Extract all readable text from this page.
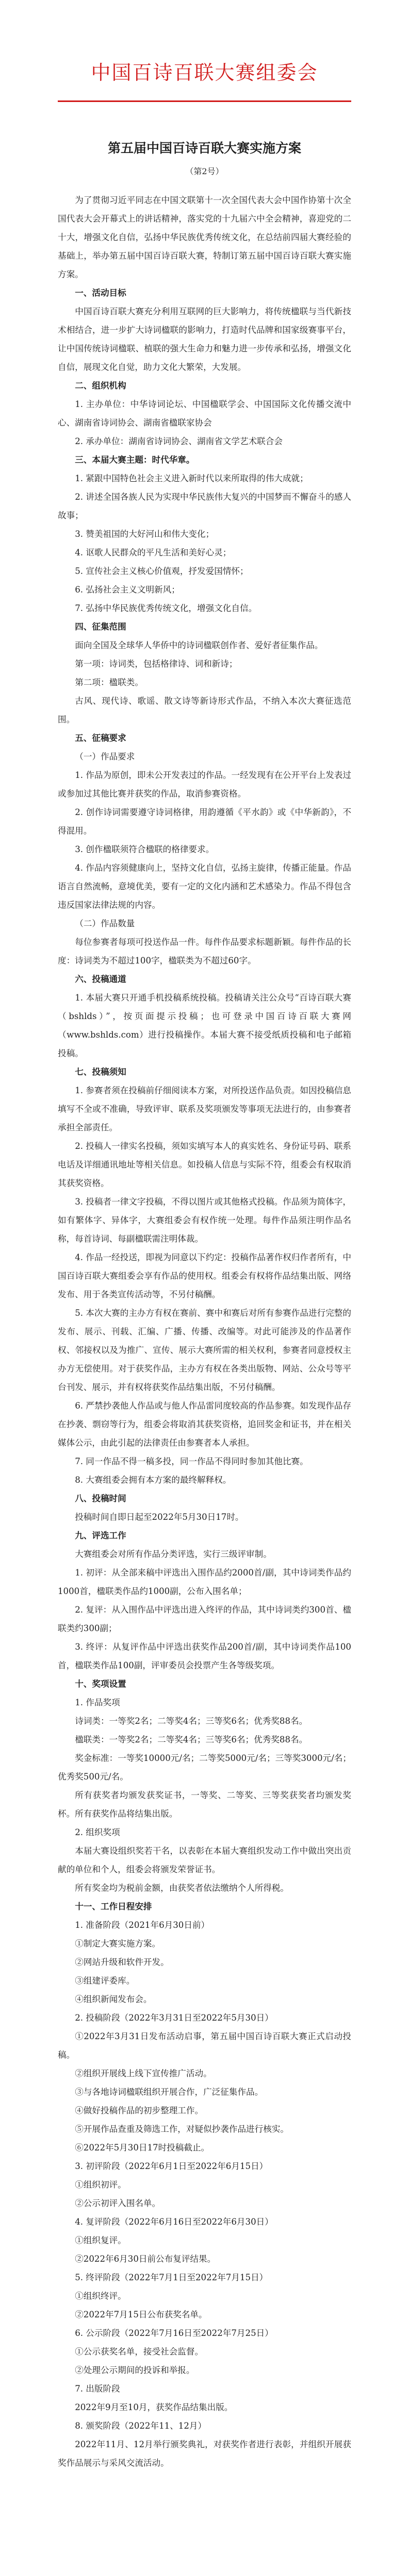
中国百诗百联大赛组委会
第五届中国百诗百联大赛实施方案
（第2号）

为了贯彻习近平同志在中国文联第十一次全国代表大会中国作协第十次全国代表大会开幕式上的讲话精神，落实党的十九届六中全会精神，喜迎党的二十大，增强文化自信，弘扬中华民族优秀传统文化，在总结前四届大赛经验的基础上，举办第五届中国百诗百联大赛，特制订第五届中国百诗百联大赛实施方案。

一、活动目标

中国百诗百联大赛充分利用互联网的巨大影响力，将传统楹联与当代新技术相结合，进一步扩大诗词楹联的影响力，打造时代品牌和国家级赛事平台，让中国传统诗词楹联、植联的强大生命力和魅力进一步传承和弘扬，增强文化自信，展现文化自觉，助力文化大繁荣，大发展。

二、组织机构

1. 主办单位：中华诗词论坛、中国楹联学会、中国国际文化传播交流中心、湖南省诗词协会、湖南省楹联家协会

2. 承办单位：湖南省诗词协会、湖南省文学艺术联合会

三、本届大赛主题：时代华章。

1. 紧跟中国特色社会主义进入新时代以来所取得的伟大成就；

2. 讲述全国各族人民为实现中华民族伟大复兴的中国梦而不懈奋斗的感人故事；

3. 赞美祖国的大好河山和伟大变化；

4. 讴歌人民群众的平凡生活和美好心灵；

5. 宣传社会主义核心价值观，抒发爱国情怀；

6. 弘扬社会主义文明新风；

7. 弘扬中华民族优秀传统文化，增强文化自信。

四、征集范围

面向全国及全球华人华侨中的诗词楹联创作者、爱好者征集作品。

第一项：诗词类，包括格律诗、词和新诗；

第二项：楹联类。

古风、现代诗、歌谣、散文诗等新诗形式作品，不纳入本次大赛征选范围。

五、征稿要求

（一）作品要求

1. 作品为原创，即未公开发表过的作品。一经发现有在公开平台上发表过或参加过其他比赛并获奖的作品，取消参赛资格。

2. 创作诗词需要遵守诗词格律，用韵遵循《平水韵》或《中华新韵》，不得混用。

3. 创作楹联须符合楹联的格律要求。

4. 作品内容须健康向上，坚持文化自信，弘扬主旋律，传播正能量。作品语言自然流畅，意境优美，要有一定的文化内涵和艺术感染力。作品不得包含违反国家法律法规的内容。

（二）作品数量

每位参赛者每项可投送作品一件。每件作品要求标题新颖。每件作品的长度：诗词类为不超过100字，楹联类为不超过60字。

六、投稿通道

1. 本届大赛只开通手机投稿系统投稿。投稿请关注公众号“百诗百联大赛（bshlds）”，按页面提示投稿；也可登录中国百诗百联大赛网（www.bshlds.com）进行投稿操作。本届大赛不接受纸质投稿和电子邮箱投稿。

七、投稿须知

1. 参赛者须在投稿前仔细阅读本方案，对所投送作品负责。如因投稿信息填写不全或不准确，导致评审、联系及奖项颁发等事项无法进行的，由参赛者承担全部责任。

2. 投稿人一律实名投稿，须如实填写本人的真实姓名、身份证号码、联系电话及详细通讯地址等相关信息。如投稿人信息与实际不符，组委会有权取消其获奖资格。

3. 投稿者一律文字投稿，不得以图片或其他格式投稿。作品须为简体字，如有繁体字、异体字，大赛组委会有权作统一处理。每件作品须注明作品名称，每首诗词、每副楹联需注明体裁。

4. 作品一经投送，即视为同意以下约定：投稿作品著作权归作者所有，中国百诗百联大赛组委会享有作品的使用权。组委会有权将作品结集出版、网络发布、用于各类宣传活动等，不另付稿酬。

5. 本次大赛的主办方有权在赛前、赛中和赛后对所有参赛作品进行完整的发布、展示、刊载、汇编、广播、传播、改编等。对此可能涉及的作品著作权、邻接权以及为推广、宣传、展示大赛所需的相关权利，参赛者同意授权主办方无偿使用。对于获奖作品，主办方有权在各类出版物、网站、公众号等平台刊发、展示，并有权将获奖作品结集出版，不另付稿酬。

6. 严禁抄袭他人作品或与他人作品雷同度较高的作品参赛。如发现作品存在抄袭、剽窃等行为，组委会将取消其获奖资格，追回奖金和证书，并在相关媒体公示，由此引起的法律责任由参赛者本人承担。

7. 同一作品不得一稿多投，同一作品不得同时参加其他比赛。

8. 大赛组委会拥有本方案的最终解释权。

八、投稿时间

投稿时间自即日起至2022年5月30日17时。

九、评选工作

大赛组委会对所有作品分类评选，实行三级评审制。

1. 初评：从全部来稿中评选出入围作品约2000首/副，其中诗词类作品约1000首，楹联类作品约1000副，公布入围名单；

2. 复评：从入围作品中评选出进入终评的作品，其中诗词类约300首、楹联类约300副；

3. 终评：从复评作品中评选出获奖作品200首/副，其中诗词类作品100首，楹联类作品100副，评审委员会投票产生各等级奖项。

十、奖项设置

1. 作品奖项

诗词类：一等奖2名；二等奖4名；三等奖6名；优秀奖88名。

楹联类：一等奖2名；二等奖4名；三等奖6名；优秀奖88名。

奖金标准：一等奖10000元/名；二等奖5000元/名；三等奖3000元/名；优秀奖500元/名。

所有获奖者均颁发获奖证书，一等奖、二等奖、三等奖获奖者均颁发奖杯。所有获奖作品将结集出版。

2. 组织奖项

本届大赛设组织奖若干名，以表彰在本届大赛组织发动工作中做出突出贡献的单位和个人，组委会将颁发荣誉证书。

所有奖金均为税前金额，由获奖者依法缴纳个人所得税。

十一、工作日程安排

1. 准备阶段（2021年6月30日前）

①制定大赛实施方案。

②网站升级和软件开发。

③组建评委库。

④组织新闻发布会。

2. 投稿阶段（2022年3月31日至2022年5月30日）

①2022年3月31日发布活动启事，第五届中国百诗百联大赛正式启动投稿。

②组织开展线上线下宣传推广活动。

③与各地诗词楹联组织开展合作，广泛征集作品。

④做好投稿作品的初步整理工作。

⑤开展作品查重及筛选工作，对疑似抄袭作品进行核实。

⑥2022年5月30日17时投稿截止。

3. 初评阶段（2022年6月1日至2022年6月15日）

①组织初评。

②公示初评入围名单。

4. 复评阶段（2022年6月16日至2022年6月30日）

①组织复评。

②2022年6月30日前公布复评结果。

5. 终评阶段（2022年7月1日至2022年7月15日）

①组织终评。

②2022年7月15日公布获奖名单。

6. 公示阶段（2022年7月16日至2022年7月25日）

①公示获奖名单，接受社会监督。

②处理公示期间的投诉和举报。

7. 出版阶段

2022年9月至10月，获奖作品结集出版。

8. 颁奖阶段（2022年11、12月）

2022年11月、12月举行颁奖典礼，对获奖作者进行表彰，并组织开展获奖作品展示与采风交流活动。
